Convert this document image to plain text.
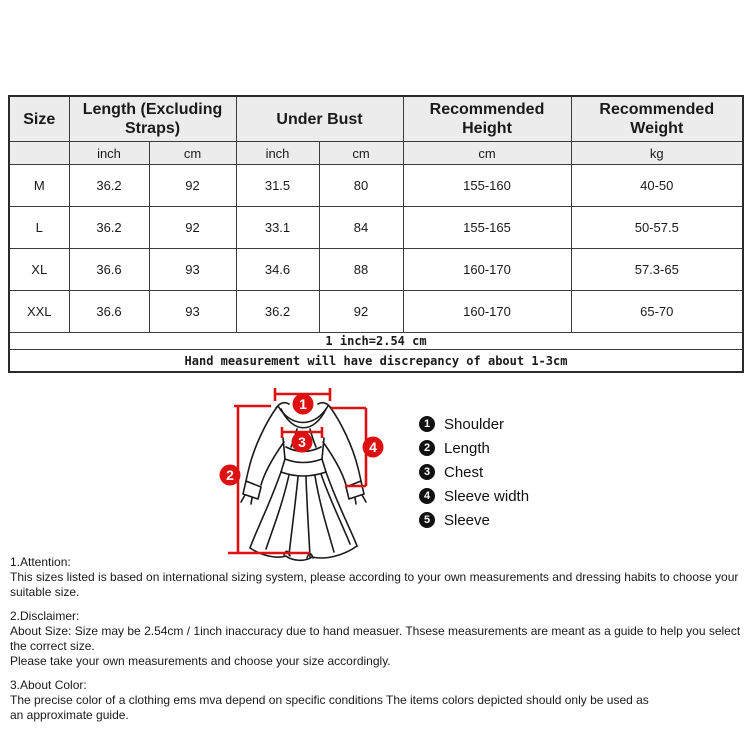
Size	Length (Excluding Straps)		Under Bust		Recommended Height	Recommended Weight
	inch	cm	inch	cm	cm	kg
M	36.2	92	31.5	80	155-160	40-50
L	36.2	92	33.1	84	155-165	50-57.5
XL	36.6	93	34.6	88	160-170	57.3-65
XXL	36.6	93	36.2	92	160-170	65-70
1 inch=2.54 cm						
Hand measurement will have discrepancy of about 1-3cm						
1
2
3	4
1 Shoulder
2 Length
3 Chest
4 Sleeve width
5 Sleeve

1.Attention:

This sizes listed is based on international sizing system, please according to your own measurements and dressing habits to choose your suitable size.

2.Disclaimer:

About Size: Size may be 2.54cm / 1inch inaccuracy due to hand measuer. Thsese measurements are meant as a guide to help you select the correct size.

Please take your own measurements and choose your size accordingly.

3.About Color:

The precise color of a clothing ems mva depend on specific conditions The items colors depicted should only be used as

an approximate guide.
